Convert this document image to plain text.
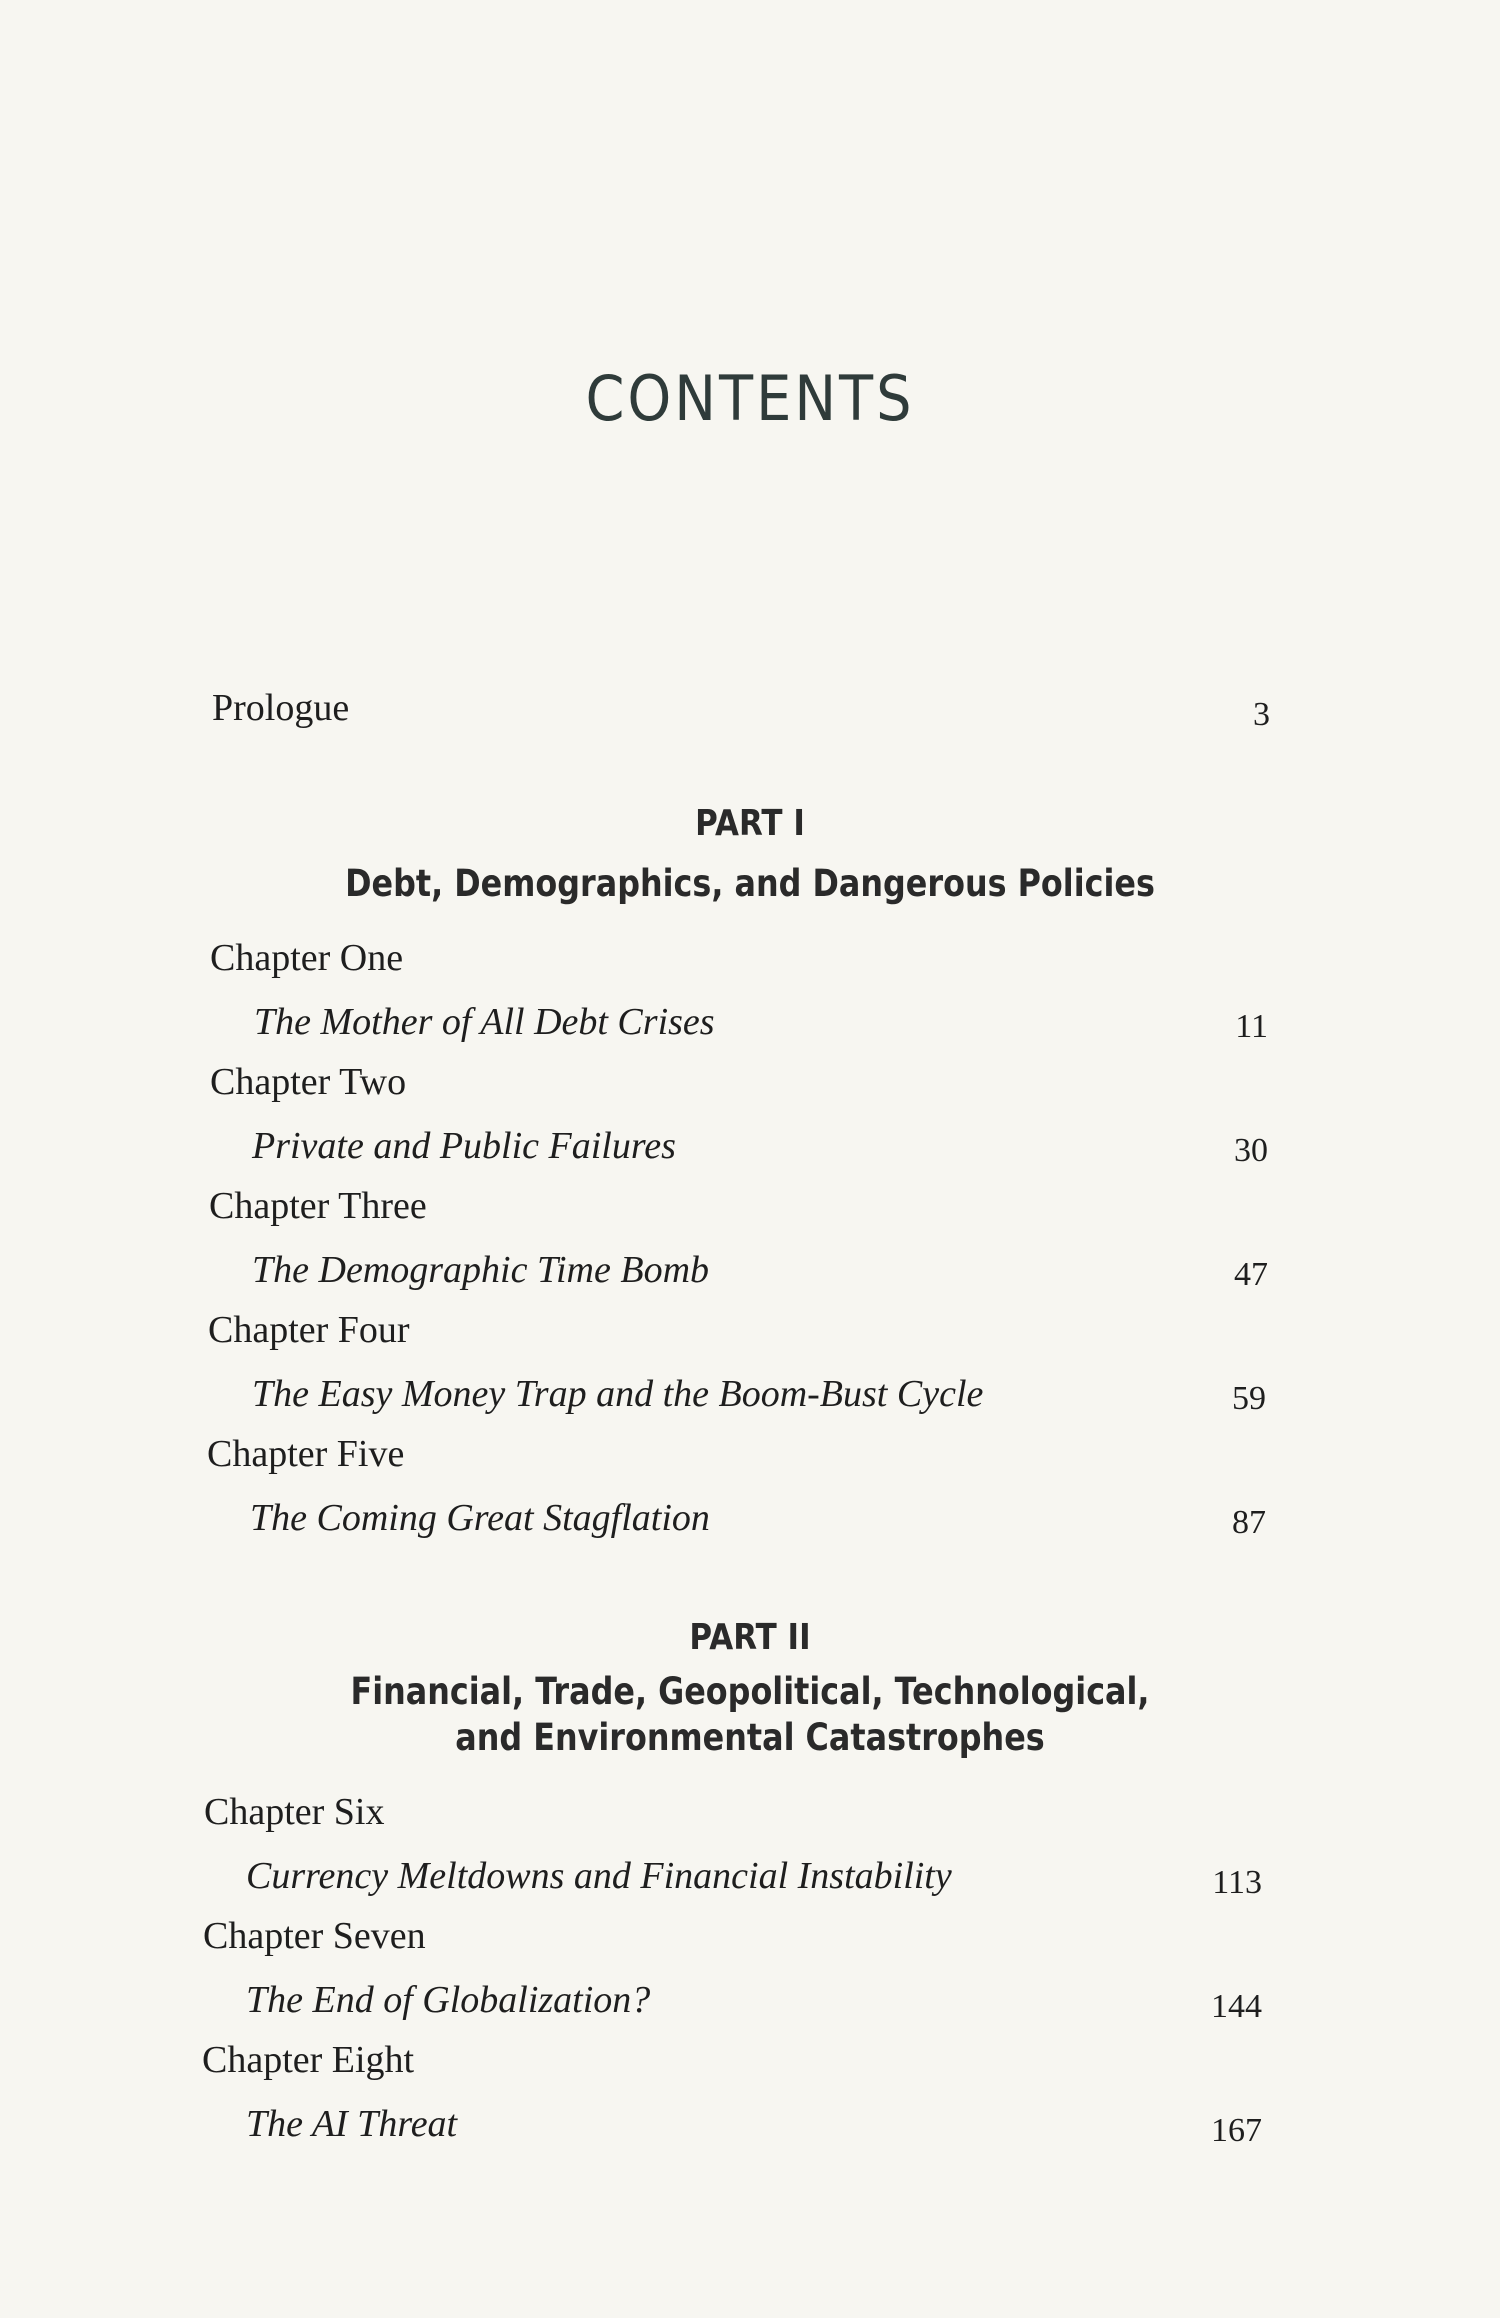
CONTENTS
Prologue	3
PART I
Debt, Demographics, and Dangerous Policies
Chapter One
The Mother of All Debt Crises	11
Chapter Two
Private and Public Failures	30
Chapter Three
The Demographic Time Bomb	47
Chapter Four
The Easy Money Trap and the Boom-Bust Cycle	59
Chapter Five
The Coming Great Stagflation	87
PART II
Financial, Trade, Geopolitical, Technological,
and Environmental Catastrophes
Chapter Six
Currency Meltdowns and Financial Instability	113
Chapter Seven
The End of Globalization?	144
Chapter Eight
The AI Threat	167
